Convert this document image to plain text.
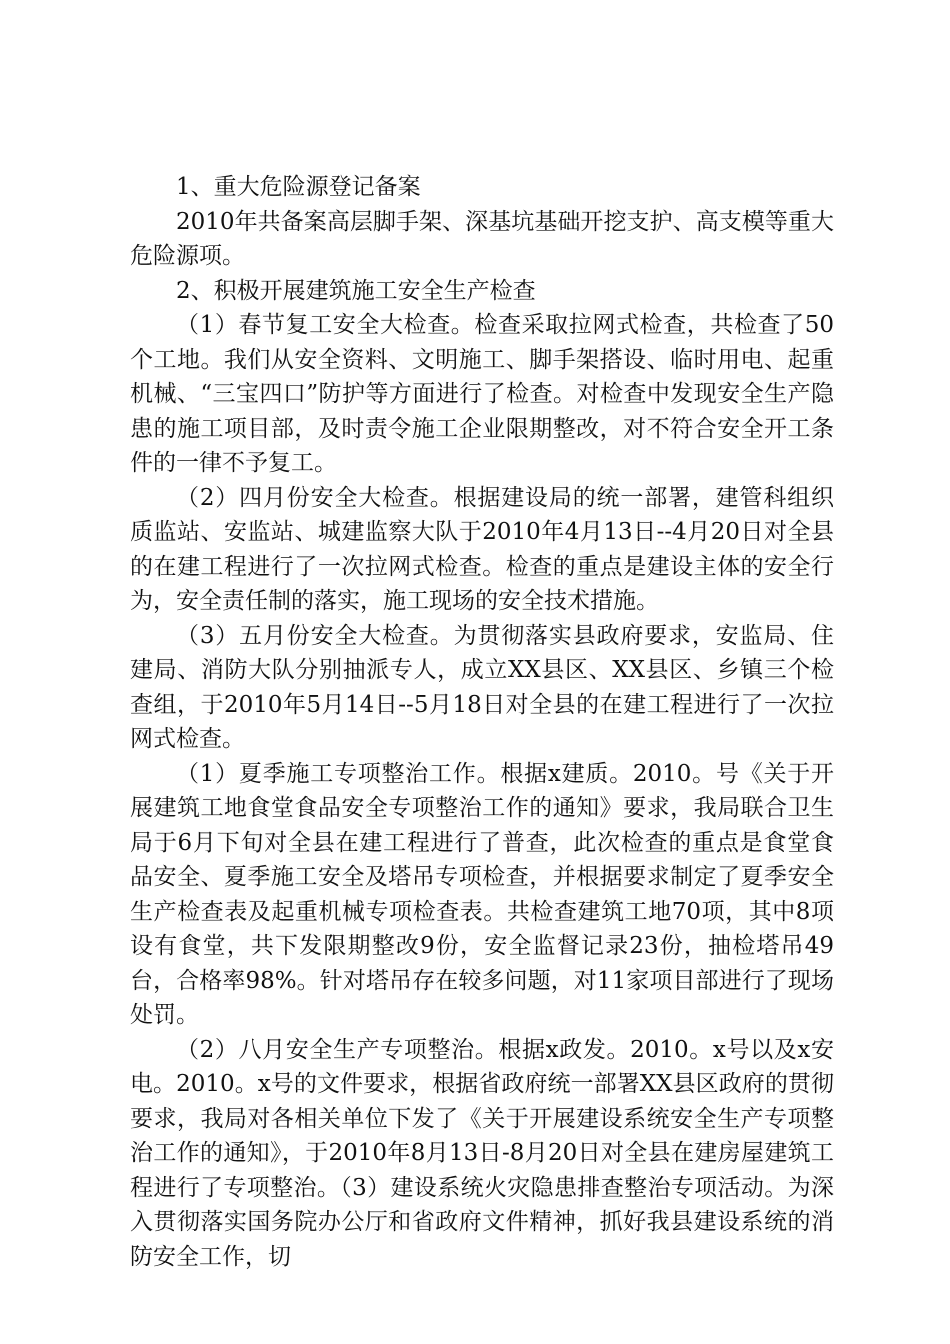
1、重大危险源登记备案

2010年共备案高层脚手架、深基坑基础开挖支护、高支模等重大危险源项。

2、积极开展建筑施工安全生产检查

（1）春节复工安全大检查。检查采取拉网式检查，共检查了50个工地。我们从安全资料、文明施工、脚手架搭设、临时用电、起重机械、“三宝四口”防护等方面进行了检查。对检查中发现安全生产隐患的施工项目部，及时责令施工企业限期整改，对不符合安全开工条件的一律不予复工。

（2）四月份安全大检查。根据建设局的统一部署，建管科组织质监站、安监站、城建监察大队于2010年4月13日--4月20日对全县的在建工程进行了一次拉网式检查。检查的重点是建设主体的安全行为，安全责任制的落实，施工现场的安全技术措施。

（3）五月份安全大检查。为贯彻落实县政府要求，安监局、住建局、消防大队分别抽派专人，成立XX县区、XX县区、乡镇三个检查组，于2010年5月14日--5月18日对全县的在建工程进行了一次拉网式检查。

（1）夏季施工专项整治工作。根据x建质。2010。号《关于开展建筑工地食堂食品安全专项整治工作的通知》要求，我局联合卫生局于6月下旬对全县在建工程进行了普查，此次检查的重点是食堂食品安全、夏季施工安全及塔吊专项检查，并根据要求制定了夏季安全生产检查表及起重机械专项检查表。共检查建筑工地70项，其中8项设有食堂，共下发限期整改9份，安全监督记录23份，抽检塔吊49台，合格率98%。针对塔吊存在较多问题，对11家项目部进行了现场处罚。

（2）八月安全生产专项整治。根据x政发。2010。x号以及x安电。2010。x号的文件要求，根据省政府统一部署XX县区政府的贯彻要求，我局对各相关单位下发了《关于开展建设系统安全生产专项整治工作的通知》，于2010年8月13日-8月20日对全县在建房屋建筑工程进行了专项整治。（3）建设系统火灾隐患排查整治专项活动。为深入贯彻落实国务院办公厅和省政府文件精神，抓好我县建设系统的消防安全工作，切
